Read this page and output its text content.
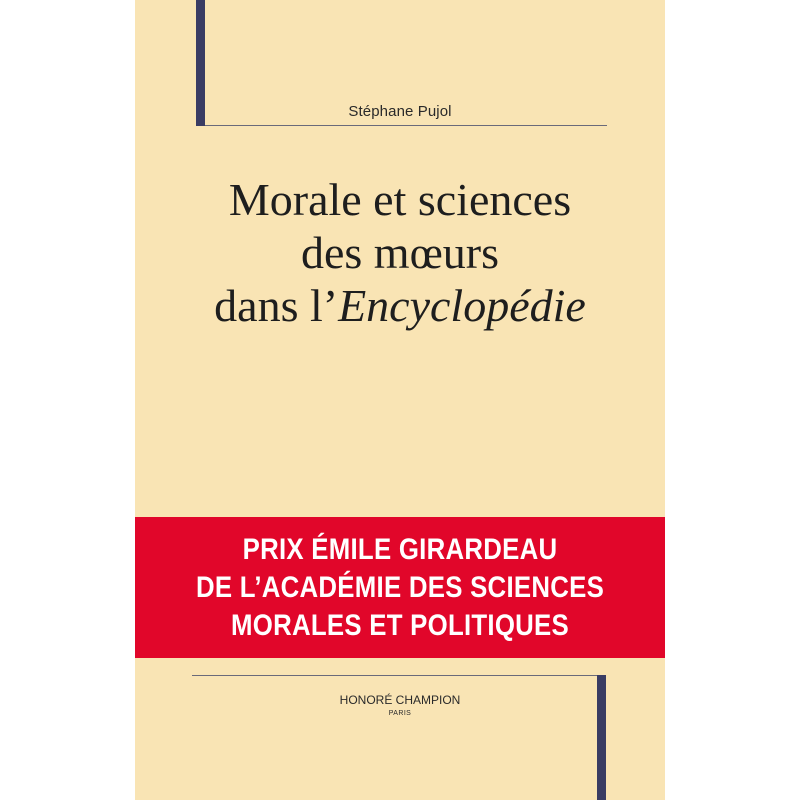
Stéphane Pujol
Morale et sciences
des mœurs
dans l’Encyclopédie
PRIX ÉMILE GIRARDEAU
DE L’ACADÉMIE DES SCIENCES
MORALES ET POLITIQUES
HONORÉ CHAMPION
PARIS
